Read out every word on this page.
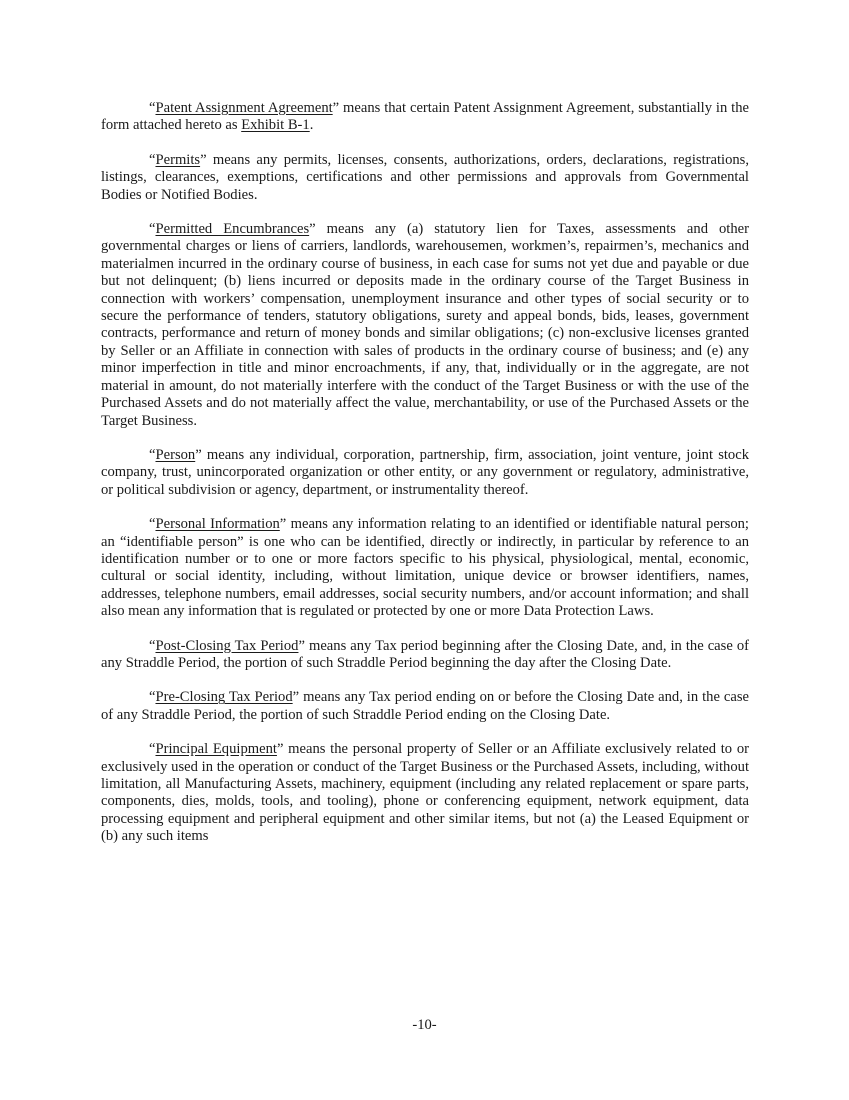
“Patent Assignment Agreement” means that certain Patent Assignment Agreement, substantially in the form attached hereto as Exhibit B-1.

“Permits” means any permits, licenses, consents, authorizations, orders, declarations, registrations, listings, clearances, exemptions, certifications and other permissions and approvals from Governmental Bodies or Notified Bodies.

“Permitted Encumbrances” means any (a) statutory lien for Taxes, assessments and other governmental charges or liens of carriers, landlords, warehousemen, workmen’s, repairmen’s, mechanics and materialmen incurred in the ordinary course of business, in each case for sums not yet due and payable or due but not delinquent; (b) liens incurred or deposits made in the ordinary course of the Target Business in connection with workers’ compensation, unemployment insurance and other types of social security or to secure the performance of tenders, statutory obligations, surety and appeal bonds, bids, leases, government contracts, performance and return of money bonds and similar obligations; (c) non-exclusive licenses granted by Seller or an Affiliate in connection with sales of products in the ordinary course of business; and (e) any minor imperfection in title and minor encroachments, if any, that, individually or in the aggregate, are not material in amount, do not materially interfere with the conduct of the Target Business or with the use of the Purchased Assets and do not materially affect the value, merchantability, or use of the Purchased Assets or the Target Business.

“Person” means any individual, corporation, partnership, firm, association, joint venture, joint stock company, trust, unincorporated organization or other entity, or any government or regulatory, administrative, or political subdivision or agency, department, or instrumentality thereof.

“Personal Information” means any information relating to an identified or identifiable natural person; an “identifiable person” is one who can be identified, directly or indirectly, in particular by reference to an identification number or to one or more factors specific to his physical, physiological, mental, economic, cultural or social identity, including, without limitation, unique device or browser identifiers, names, addresses, telephone numbers, email addresses, social security numbers, and/or account information; and shall also mean any information that is regulated or protected by one or more Data Protection Laws.

“Post-Closing Tax Period” means any Tax period beginning after the Closing Date, and, in the case of any Straddle Period, the portion of such Straddle Period beginning the day after the Closing Date.

“Pre-Closing Tax Period” means any Tax period ending on or before the Closing Date and, in the case of any Straddle Period, the portion of such Straddle Period ending on the Closing Date.

“Principal Equipment” means the personal property of Seller or an Affiliate exclusively related to or exclusively used in the operation or conduct of the Target Business or the Purchased Assets, including, without limitation, all Manufacturing Assets, machinery, equipment (including any related replacement or spare parts, components, dies, molds, tools, and tooling), phone or conferencing equipment, network equipment, data processing equipment and peripheral equipment and other similar items, but not (a) the Leased Equipment or (b) any such items

-10-
